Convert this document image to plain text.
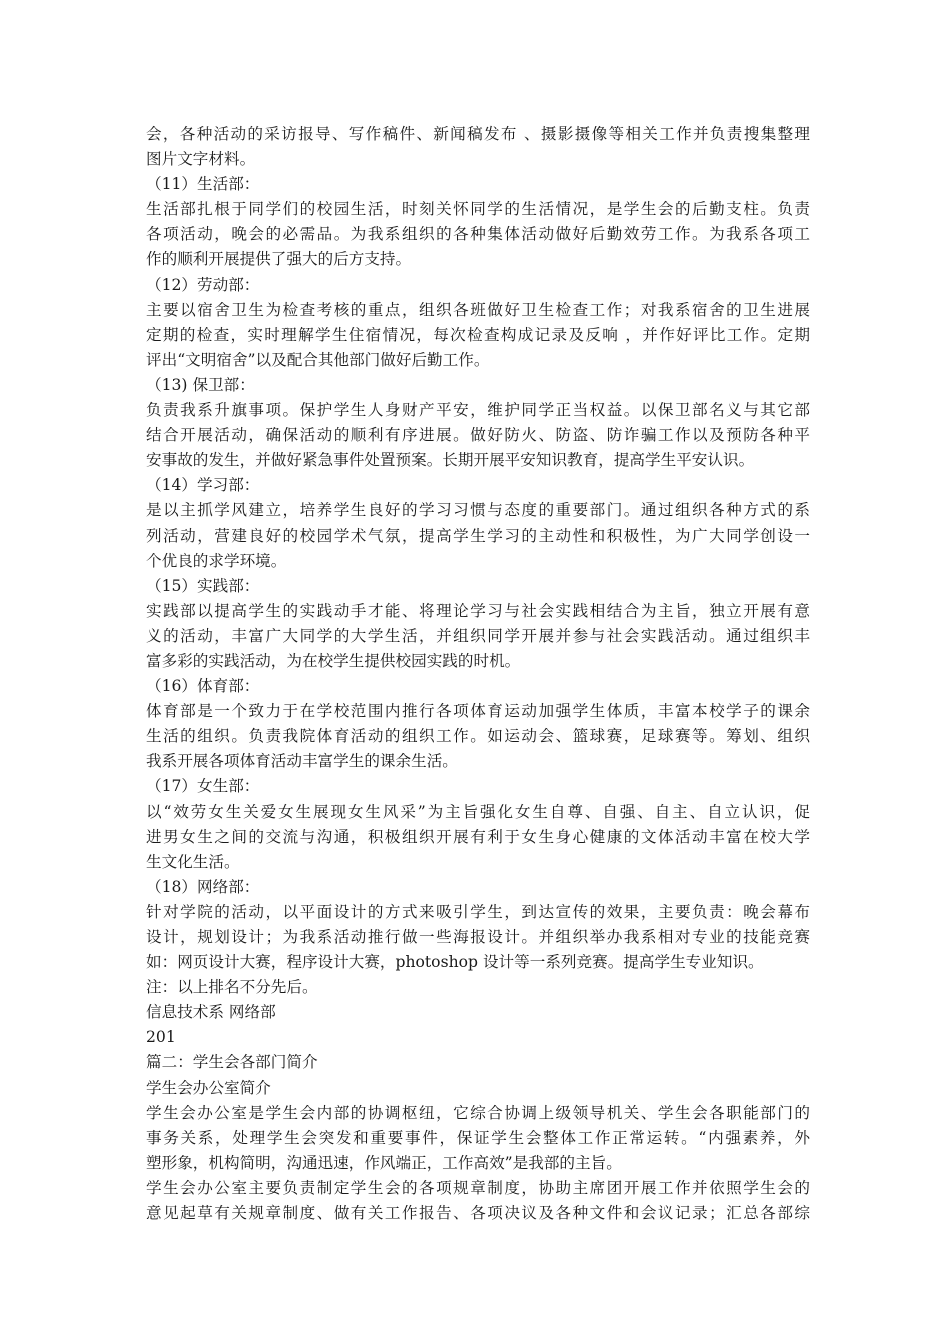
会，各种活动的采访报导、写作稿件、新闻稿发布 、摄影摄像等相关工作并负责搜集整理
图片文字材料。
（11）生活部：
生活部扎根于同学们的校园生活，时刻关怀同学的生活情况，是学生会的后勤支柱。负责
各项活动，晚会的必需品。为我系组织的各种集体活动做好后勤效劳工作。为我系各项工
作的顺利开展提供了强大的后方支持。
（12）劳动部：
主要以宿舍卫生为检查考核的重点，组织各班做好卫生检查工作；对我系宿舍的卫生进展
定期的检查，实时理解学生住宿情况，每次检查构成记录及反响 ，并作好评比工作。定期
评出“文明宿舍”以及配合其他部门做好后勤工作。
（13) 保卫部：
负责我系升旗事项。保护学生人身财产平安，维护同学正当权益。以保卫部名义与其它部
结合开展活动，确保活动的顺利有序进展。做好防火、防盗、防诈骗工作以及预防各种平
安事故的发生，并做好紧急事件处置预案。长期开展平安知识教育，提高学生平安认识。
（14）学习部：
是以主抓学风建立，培养学生良好的学习习惯与态度的重要部门。通过组织各种方式的系
列活动，营建良好的校园学术气氛，提高学生学习的主动性和积极性，为广大同学创设一
个优良的求学环境。
（15）实践部：
实践部以提高学生的实践动手才能、将理论学习与社会实践相结合为主旨，独立开展有意
义的活动，丰富广大同学的大学生活，并组织同学开展并参与社会实践活动。通过组织丰
富多彩的实践活动，为在校学生提供校园实践的时机。
（16）体育部：
体育部是一个致力于在学校范围内推行各项体育运动加强学生体质，丰富本校学子的课余
生活的组织。负责我院体育活动的组织工作。如运动会、篮球赛，足球赛等。筹划、组织
我系开展各项体育活动丰富学生的课余生活。
（17）女生部：
以“效劳女生关爱女生展现女生风采”为主旨强化女生自尊、自强、自主、自立认识，促
进男女生之间的交流与沟通，积极组织开展有利于女生身心健康的文体活动丰富在校大学
生文化生活。
（18）网络部：
针对学院的活动，以平面设计的方式来吸引学生，到达宣传的效果，主要负责：晚会幕布
设计，规划设计；为我系活动推行做一些海报设计。并组织举办我系相对专业的技能竞赛
如：网页设计大赛，程序设计大赛，photoshop 设计等一系列竞赛。提高学生专业知识。
注：以上排名不分先后。
信息技术系 网络部
201
篇二：学生会各部门简介
学生会办公室简介
学生会办公室是学生会内部的协调枢纽，它综合协调上级领导机关、学生会各职能部门的
事务关系，处理学生会突发和重要事件，保证学生会整体工作正常运转。“内强素养，外
塑形象，机构简明，沟通迅速，作风端正，工作高效”是我部的主旨。
学生会办公室主要负责制定学生会的各项规章制度，协助主席团开展工作并依照学生会的
意见起草有关规章制度、做有关工作报告、各项决议及各种文件和会议记录；汇总各部综
